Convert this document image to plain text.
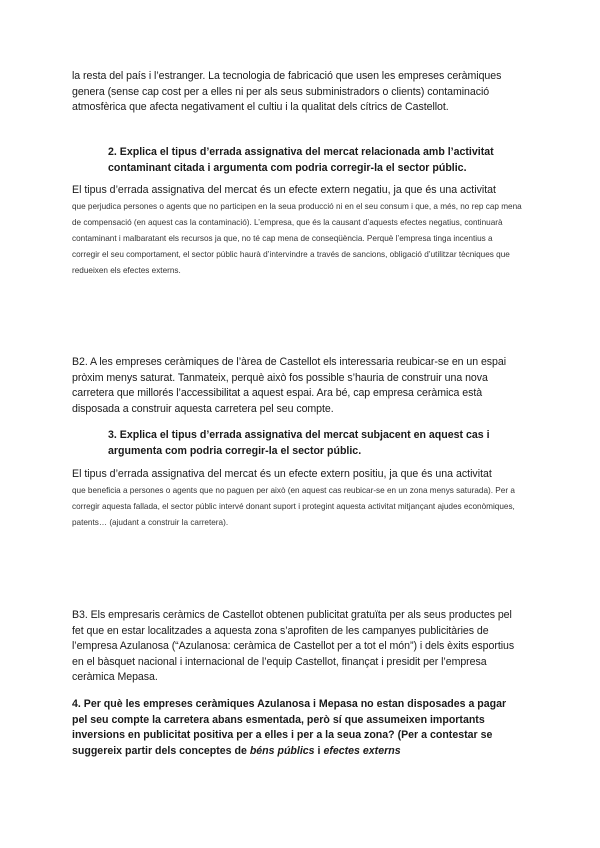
la resta del país i l’estranger. La tecnologia de fabricació que usen les empreses ceràmiques genera (sense cap cost per a elles ni per als seus subministradors o clients) contaminació atmosfèrica que afecta negativament el cultiu i la qualitat dels cítrics de Castellot.

2. Explica el tipus d’errada assignativa del mercat relacionada amb l’activitat contaminant citada i argumenta com podria corregir-la el sector públic.

El tipus d’errada assignativa del mercat és un efecte extern negatiu, ja que és una activitat
que perjudica persones o agents que no participen en la seua producció ni en el seu consum i que, a més, no rep cap mena de compensació (en aquest cas la contaminació). L’empresa, que és la causant d’aquests efectes negatius, continuarà contaminant i malbaratant els recursos ja que, no té cap mena de conseqüència. Perquè l’empresa tinga incentius a corregir el seu comportament, el sector públic haurà d’intervindre a través de sancions, obligació d’utilitzar tècniques que redueixen els efectes externs.

B2. A les empreses ceràmiques de l’àrea de Castellot els interessaria reubicar-se en un espai pròxim menys saturat. Tanmateix, perquè això fos possible s’hauria de construir una nova carretera que millorés l’accessibilitat a aquest espai. Ara bé, cap empresa ceràmica està disposada a construir aquesta carretera pel seu compte.

3. Explica el tipus d’errada assignativa del mercat subjacent en aquest cas i argumenta com podria corregir-la el sector públic.

El tipus d’errada assignativa del mercat és un efecte extern positiu, ja que és una activitat
que beneficia a persones o agents que no paguen per això (en aquest cas reubicar-se en un zona menys saturada). Per a corregir aquesta fallada, el sector públic intervé donant suport i protegint aquesta activitat mitjançant ajudes econòmiques, patents… (ajudant a construir la carretera).

B3. Els empresaris ceràmics de Castellot obtenen publicitat gratuïta per als seus productes pel fet que en estar localitzades a aquesta zona s’aprofiten de les campanyes publicitàries de l’empresa Azulanosa (“Azulanosa: ceràmica de Castellot per a tot el món”) i dels èxits esportius en el bàsquet nacional i internacional de l’equip Castellot, finançat i presidit per l’empresa ceràmica Mepasa.

4. Per què les empreses ceràmiques Azulanosa i Mepasa no estan disposades a pagar pel seu compte la carretera abans esmentada, però sí que assumeixen importants inversions en publicitat positiva per a elles i per a la seua zona? (Per a contestar se suggereix partir dels conceptes de béns públics i efectes externs
